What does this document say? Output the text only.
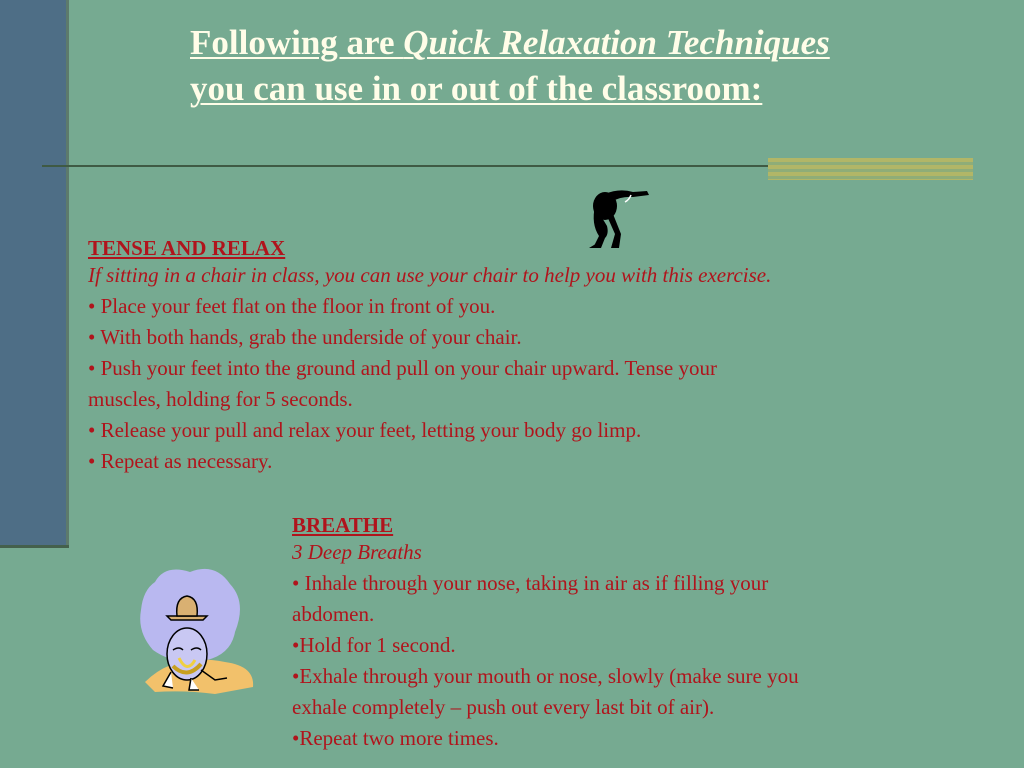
Following are Quick Relaxation Techniques
you can use in or out of the classroom:
TENSE AND RELAX
If sitting in a chair in class, you can use your chair to help you with this exercise.
• Place your feet flat on the floor in front of you.
• With both hands, grab the underside of your chair.
• Push your feet into the ground and pull on your chair upward. Tense your
muscles, holding for 5 seconds.
• Release your pull and relax your feet, letting your body go limp.
• Repeat as necessary.
BREATHE
3 Deep Breaths
• Inhale through your nose, taking in air as if filling your
abdomen.
•Hold for 1 second.
•Exhale through your mouth or nose, slowly (make sure you
exhale completely – push out every last bit of air).
•Repeat two more times.
